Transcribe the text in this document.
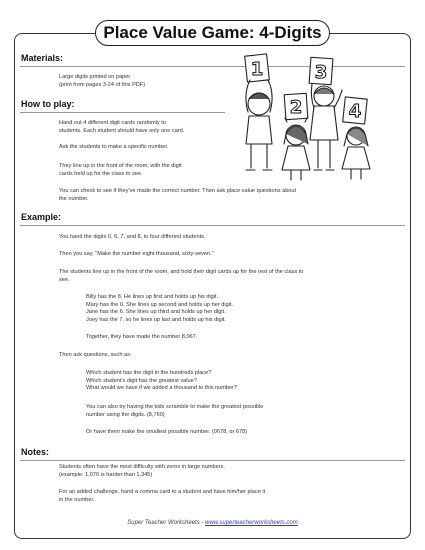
Place Value Game: 4-Digits
Materials:
Large digits printed on paper
(print from pages 3-24 of this PDF)
How to play:
Hand out 4 different digit cards randomly to
students. Each student should have only one card.
Ask the students to make a specific number.
They line up in the front of the room, with the digit
cards held up for the class to see.
You can check to see if they've made the correct number. Then ask place value questions about
the number.
1	3
2	4
Example:
You hand the digits 0, 6, 7, and 8, to four different students.
Then you say, "Make the number eight thousand, sixty-seven."
The students line up in the front of the room, and hold their digit cards up for the rest of the class to
see.
Billy has the 8. He lines up first and holds up his digit.
Mary has the 0. She lines up second and holds up her digit.
Jane has the 6. She lines up third and holds up her digit.
Joey has the 7, so he lines up last and holds up his digit.
Together, they have made the number 8,067.
Then ask questions, such as:
Which student has the digit in the hundreds place?
Which student's digit has the greatest value?
What would we have if we added a thousand to this number?
You can also try having the kids scramble to make the greatest possible
number using the digits. (8,760)
Or have them make the smallest possible number. (0678, or 678)
Notes:
Students often have the most difficulty with zeros in large numbers.
(example: 1,070 is harder than 1,345)
For an added challenge, hand a comma card to a student and have him/her place it
in the number.
Super Teacher Worksheets - www.superteacherworksheets.com
